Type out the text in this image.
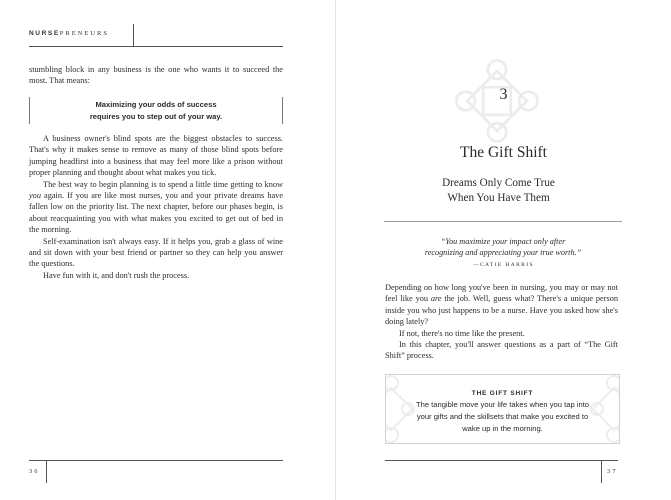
NURSEPRENEURS

stumbling block in any business is the one who wants it to succeed the most. That means:

Maximizing your odds of success
requires you to step out of your way.

A business owner's blind spots are the biggest obstacles to success. That's why it makes sense to remove as many of those blind spots before jumping headfirst into a business that may feel more like a prison without proper planning and thought about what makes you tick.

The best way to begin planning is to spend a little time getting to know you again. If you are like most nurses, you and your private dreams have fallen low on the priority list. The next chapter, before our phases begin, is about reacquainting you with what makes you excited to get out of bed in the morning.

Self-examination isn't always easy. If it helps you, grab a glass of wine and sit down with your best friend or partner so they can help you answer the questions.

Have fun with it, and don't rush the process.

36
3
The Gift Shift
Dreams Only Come True
When You Have Them
“You maximize your impact only after
recognizing and appreciating your true worth.”
—CATIE HARRIS

Depending on how long you've been in nursing, you may or may not feel like you are the job. Well, guess what? There's a unique person inside you who just happens to be a nurse. Have you asked how she's doing lately?

If not, there's no time like the present.

In this chapter, you'll answer questions as a part of “The Gift Shift” process.

THE GIFT SHIFT
The tangible move your life takes when you tap into your gifts and the skillsets that make you excited to wake up in the morning.
37
